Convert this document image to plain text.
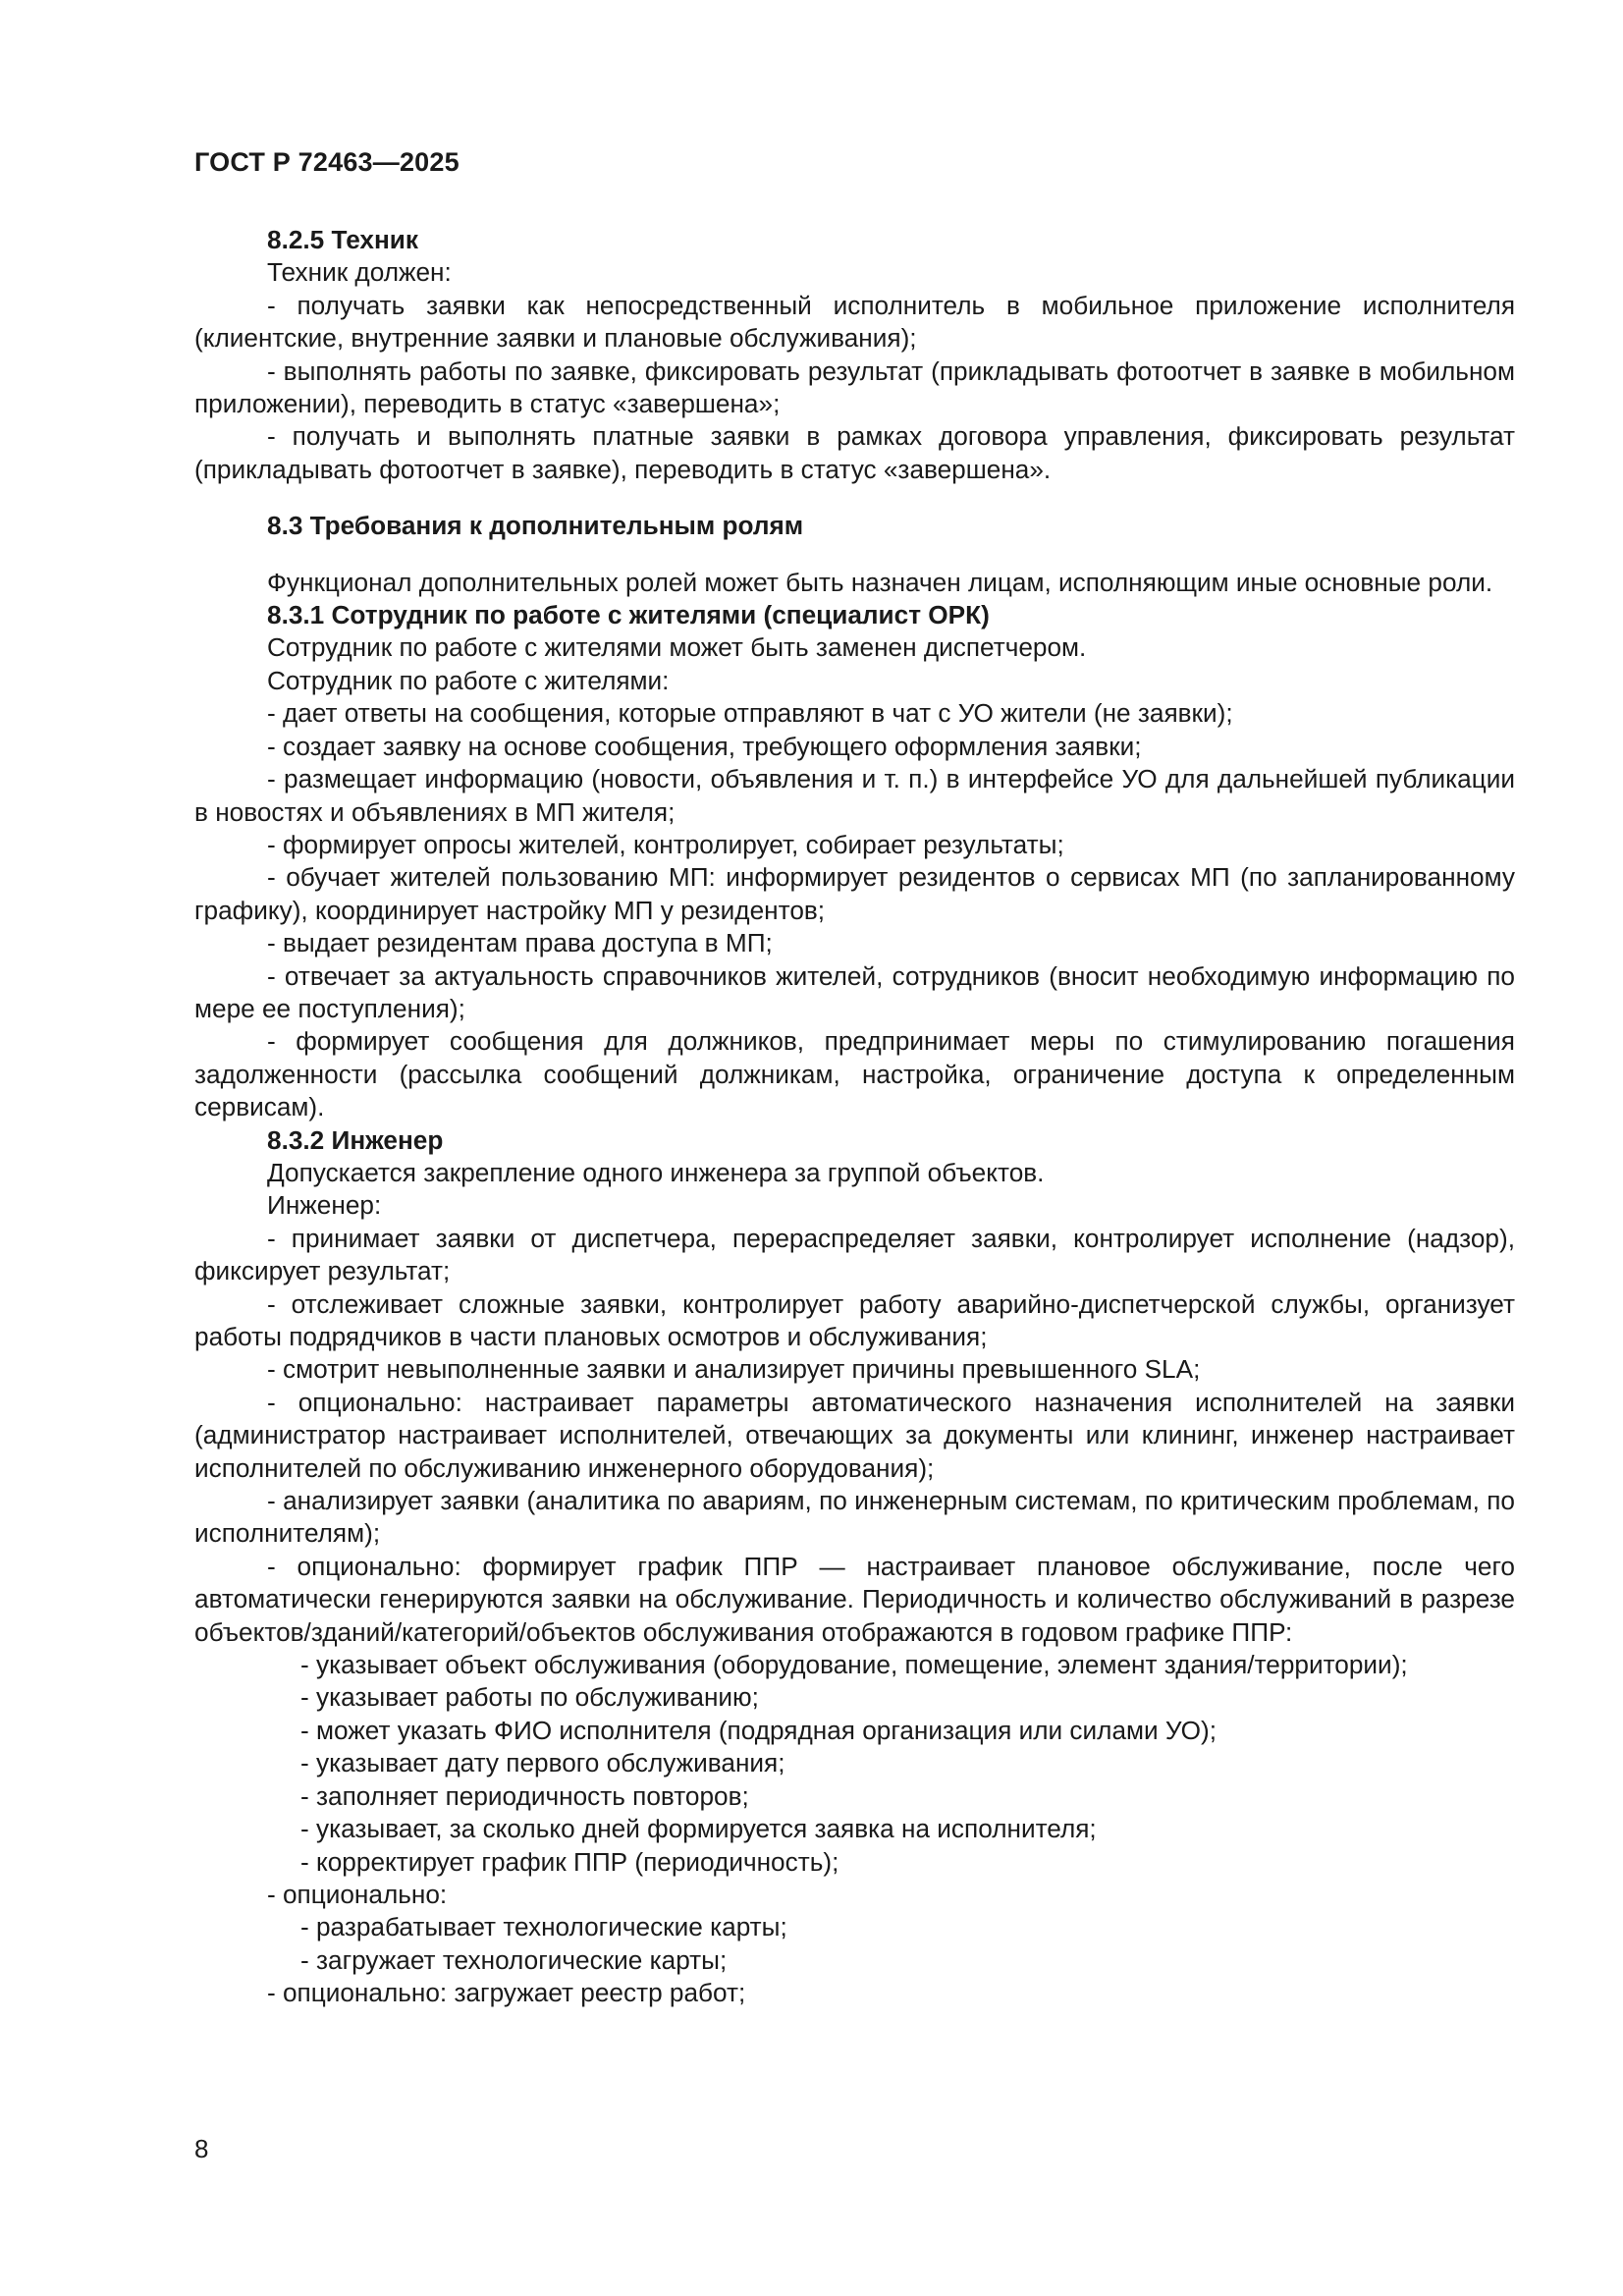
ГОСТ Р 72463—2025

8.2.5 Техник

Техник должен:

- получать заявки как непосредственный исполнитель в мобильное приложение исполнителя (клиентские, внутренние заявки и плановые обслуживания);

- выполнять работы по заявке, фиксировать результат (прикладывать фотоотчет в заявке в мобильном приложении), переводить в статус «завершена»;

- получать и выполнять платные заявки в рамках договора управления, фиксировать результат (прикладывать фотоотчет в заявке), переводить в статус «завершена».

8.3 Требования к дополнительным ролям

Функционал дополнительных ролей может быть назначен лицам, исполняющим иные основные роли.

8.3.1 Сотрудник по работе с жителями (специалист ОРК)

Сотрудник по работе с жителями может быть заменен диспетчером.

Сотрудник по работе с жителями:

- дает ответы на сообщения, которые отправляют в чат с УО жители (не заявки);

- создает заявку на основе сообщения, требующего оформления заявки;

- размещает информацию (новости, объявления и т. п.) в интерфейсе УО для дальнейшей публикации в новостях и объявлениях в МП жителя;

- формирует опросы жителей, контролирует, собирает результаты;

- обучает жителей пользованию МП: информирует резидентов о сервисах МП (по запланированному графику), координирует настройку МП у резидентов;

- выдает резидентам права доступа в МП;

- отвечает за актуальность справочников жителей, сотрудников (вносит необходимую информацию по мере ее поступления);

- формирует сообщения для должников, предпринимает меры по стимулированию погашения задолженности (рассылка сообщений должникам, настройка, ограничение доступа к определенным сервисам).

8.3.2 Инженер

Допускается закрепление одного инженера за группой объектов.

Инженер:

- принимает заявки от диспетчера, перераспределяет заявки, контролирует исполнение (надзор), фиксирует результат;

- отслеживает сложные заявки, контролирует работу аварийно-диспетчерской службы, организует работы подрядчиков в части плановых осмотров и обслуживания;

- смотрит невыполненные заявки и анализирует причины превышенного SLA;

- опционально: настраивает параметры автоматического назначения исполнителей на заявки (администратор настраивает исполнителей, отвечающих за документы или клининг, инженер настраивает исполнителей по обслуживанию инженерного оборудования);

- анализирует заявки (аналитика по авариям, по инженерным системам, по критическим проблемам, по исполнителям);

- опционально: формирует график ППР — настраивает плановое обслуживание, после чего автоматически генерируются заявки на обслуживание. Периодичность и количество обслуживаний в разрезе объектов/зданий/категорий/объектов обслуживания отображаются в годовом графике ППР:

- указывает объект обслуживания (оборудование, помещение, элемент здания/территории);

- указывает работы по обслуживанию;

- может указать ФИО исполнителя (подрядная организация или силами УО);

- указывает дату первого обслуживания;

- заполняет периодичность повторов;

- указывает, за сколько дней формируется заявка на исполнителя;

- корректирует график ППР (периодичность);

- опционально:

- разрабатывает технологические карты;

- загружает технологические карты;

- опционально: загружает реестр работ;

8
